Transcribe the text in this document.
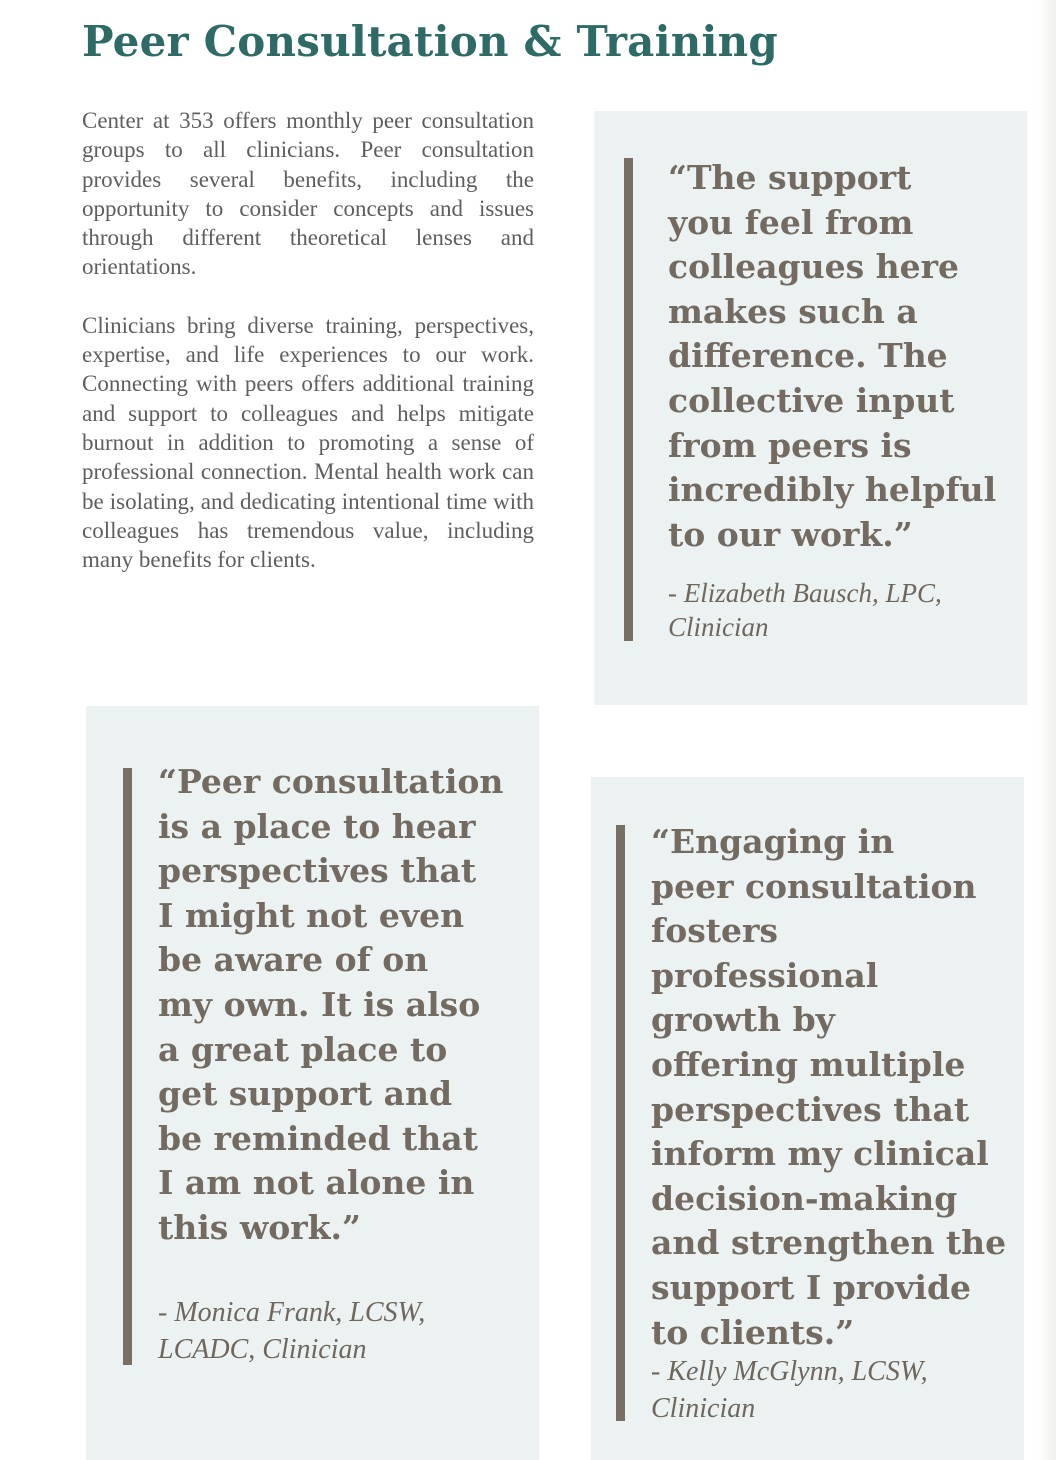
Peer Consultation & Training

Center at 353 offers monthly peer consultation groups to all clinicians. Peer consultation provides several benefits, including the opportunity to consider concepts and issues through different theoretical lenses and orientations.

Clinicians bring diverse training, perspectives, expertise, and life experiences to our work. Connecting with peers offers additional training and support to colleagues and helps mitigate burnout in addition to promoting a sense of professional connection. Mental health work can be isolating, and dedicating intentional time with colleagues has tremendous value, including many benefits for clients.

“The support
you feel from
colleagues here
makes such a
difference. The
collective input
from peers is
incredibly helpful
to our work.”

- Elizabeth Bausch, LPC,
Clinician

“Peer consultation
is a place to hear
perspectives that
I might not even
be aware of on
my own. It is also
a great place to
get support and
be reminded that
I am not alone in
this work.”

- Monica Frank, LCSW,
LCADC, Clinician

“Engaging in
peer consultation
fosters professional
growth by
offering multiple
perspectives that
inform my clinical
decision-making
and strengthen the
support I provide
to clients.”

- Kelly McGlynn, LCSW,
Clinician
